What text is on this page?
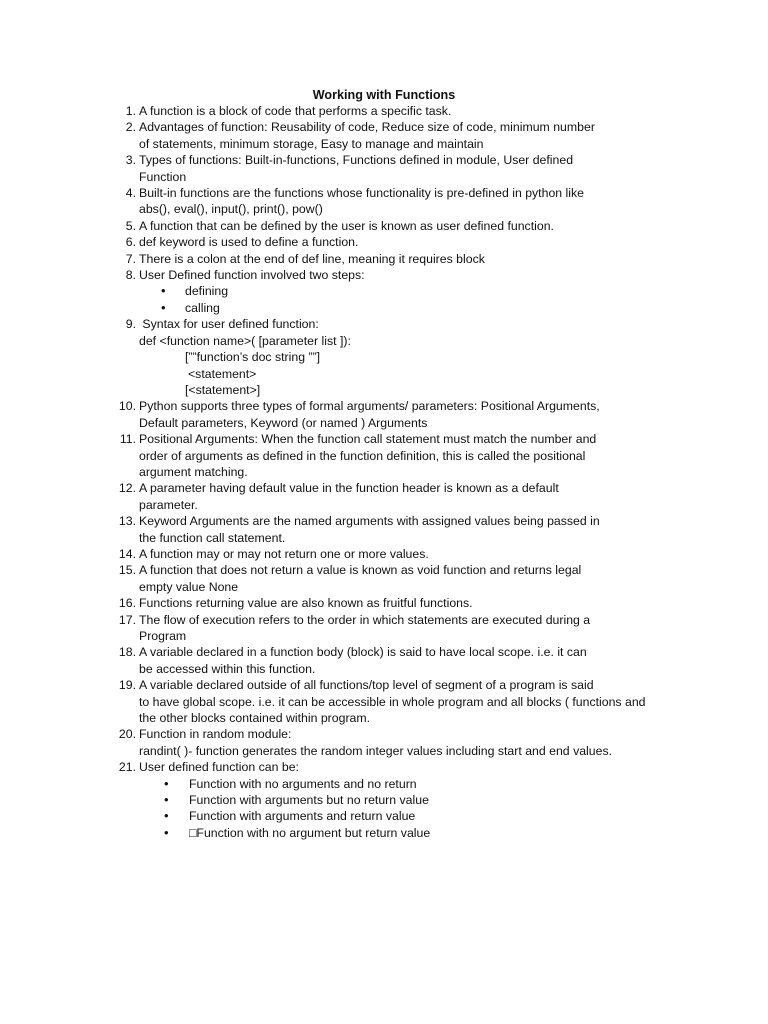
Working with Functions
1. A function is a block of code that performs a specific task.
2. Advantages of function: Reusability of code, Reduce size of code, minimum number
of statements, minimum storage, Easy to manage and maintain
3. Types of functions: Built-in-functions, Functions defined in module, User defined
Function
4. Built-in functions are the functions whose functionality is pre-defined in python like
abs(), eval(), input(), print(), pow()
5. A function that can be defined by the user is known as user defined function.
6. def keyword is used to define a function.
7. There is a colon at the end of def line, meaning it requires block
8. User Defined function involved two steps:
• defining
• calling
9. Syntax for user defined function:
def <function name>( [parameter list ]):
[””function’s doc string ””]
<statement>
[<statement>]
10. Python supports three types of formal arguments/ parameters: Positional Arguments,
Default parameters, Keyword (or named ) Arguments
11. Positional Arguments: When the function call statement must match the number and
order of arguments as defined in the function definition, this is called the positional
argument matching.
12. A parameter having default value in the function header is known as a default
parameter.
13. Keyword Arguments are the named arguments with assigned values being passed in
the function call statement.
14. A function may or may not return one or more values.
15. A function that does not return a value is known as void function and returns legal
empty value None
16. Functions returning value are also known as fruitful functions.
17. The flow of execution refers to the order in which statements are executed during a
Program
18. A variable declared in a function body (block) is said to have local scope. i.e. it can
be accessed within this function.
19. A variable declared outside of all functions/top level of segment of a program is said
to have global scope. i.e. it can be accessible in whole program and all blocks ( functions and
the other blocks contained within program.
20. Function in random module:
randint( )- function generates the random integer values including start and end values.
21. User defined function can be:
• Function with no arguments and no return
• Function with arguments but no return value
• Function with arguments and return value
• □Function with no argument but return value
